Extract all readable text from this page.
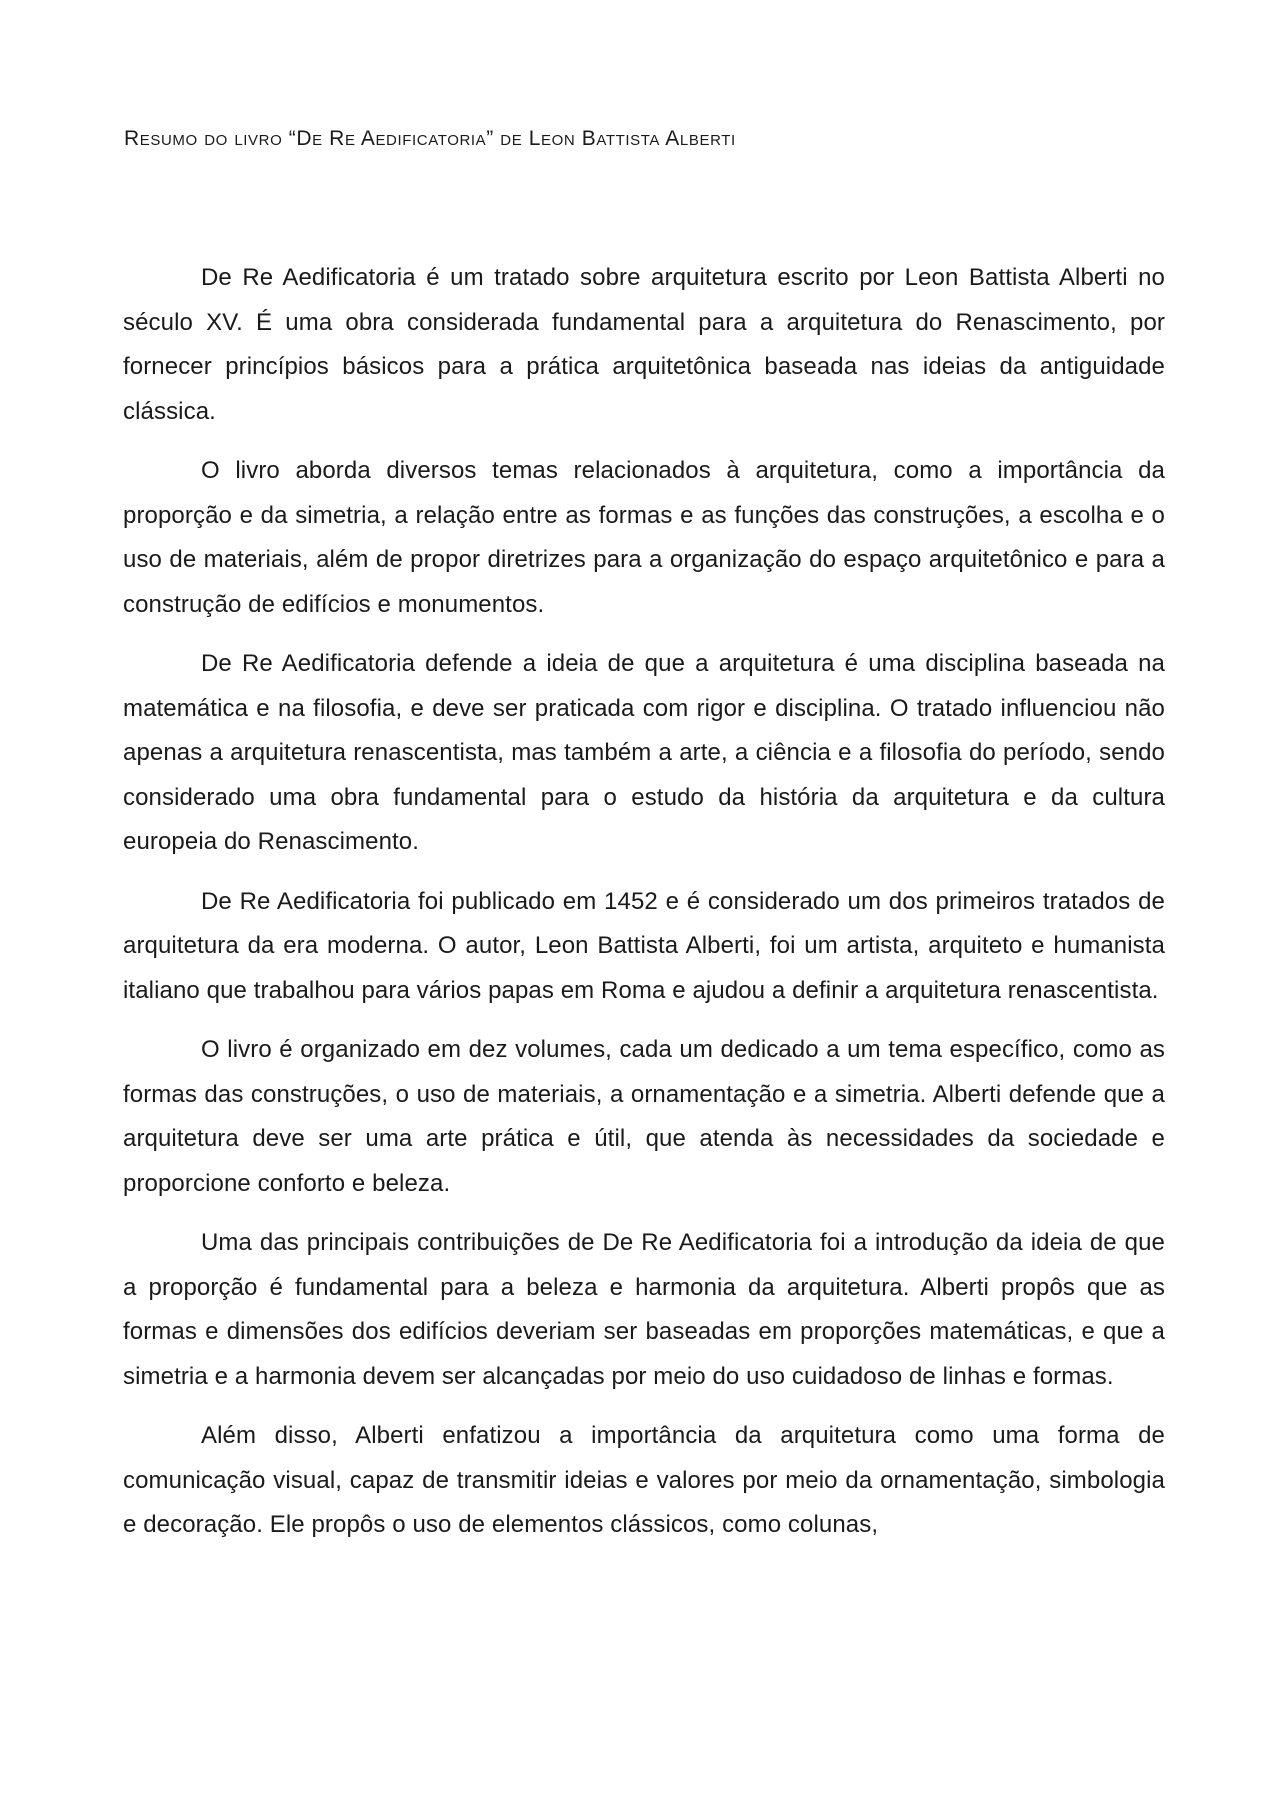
Resumo do livro “De Re Aedificatoria” de Leon Battista Alberti

De Re Aedificatoria é um tratado sobre arquitetura escrito por Leon Battista Alberti no século XV. É uma obra considerada fundamental para a arquitetura do Renascimento, por fornecer princípios básicos para a prática arquitetônica baseada nas ideias da antiguidade clássica.

O livro aborda diversos temas relacionados à arquitetura, como a importância da proporção e da simetria, a relação entre as formas e as funções das construções, a escolha e o uso de materiais, além de propor diretrizes para a organização do espaço arquitetônico e para a construção de edifícios e monumentos.

De Re Aedificatoria defende a ideia de que a arquitetura é uma disciplina baseada na matemática e na filosofia, e deve ser praticada com rigor e disciplina. O tratado influenciou não apenas a arquitetura renascentista, mas também a arte, a ciência e a filosofia do período, sendo considerado uma obra fundamental para o estudo da história da arquitetura e da cultura europeia do Renascimento.

De Re Aedificatoria foi publicado em 1452 e é considerado um dos primeiros tratados de arquitetura da era moderna. O autor, Leon Battista Alberti, foi um artista, arquiteto e humanista italiano que trabalhou para vários papas em Roma e ajudou a definir a arquitetura renascentista.

O livro é organizado em dez volumes, cada um dedicado a um tema específico, como as formas das construções, o uso de materiais, a ornamentação e a simetria. Alberti defende que a arquitetura deve ser uma arte prática e útil, que atenda às necessidades da sociedade e proporcione conforto e beleza.

Uma das principais contribuições de De Re Aedificatoria foi a introdução da ideia de que a proporção é fundamental para a beleza e harmonia da arquitetura. Alberti propôs que as formas e dimensões dos edifícios deveriam ser baseadas em proporções matemáticas, e que a simetria e a harmonia devem ser alcançadas por meio do uso cuidadoso de linhas e formas.

Além disso, Alberti enfatizou a importância da arquitetura como uma forma de comunicação visual, capaz de transmitir ideias e valores por meio da ornamentação, simbologia e decoração. Ele propôs o uso de elementos clássicos, como colunas,
